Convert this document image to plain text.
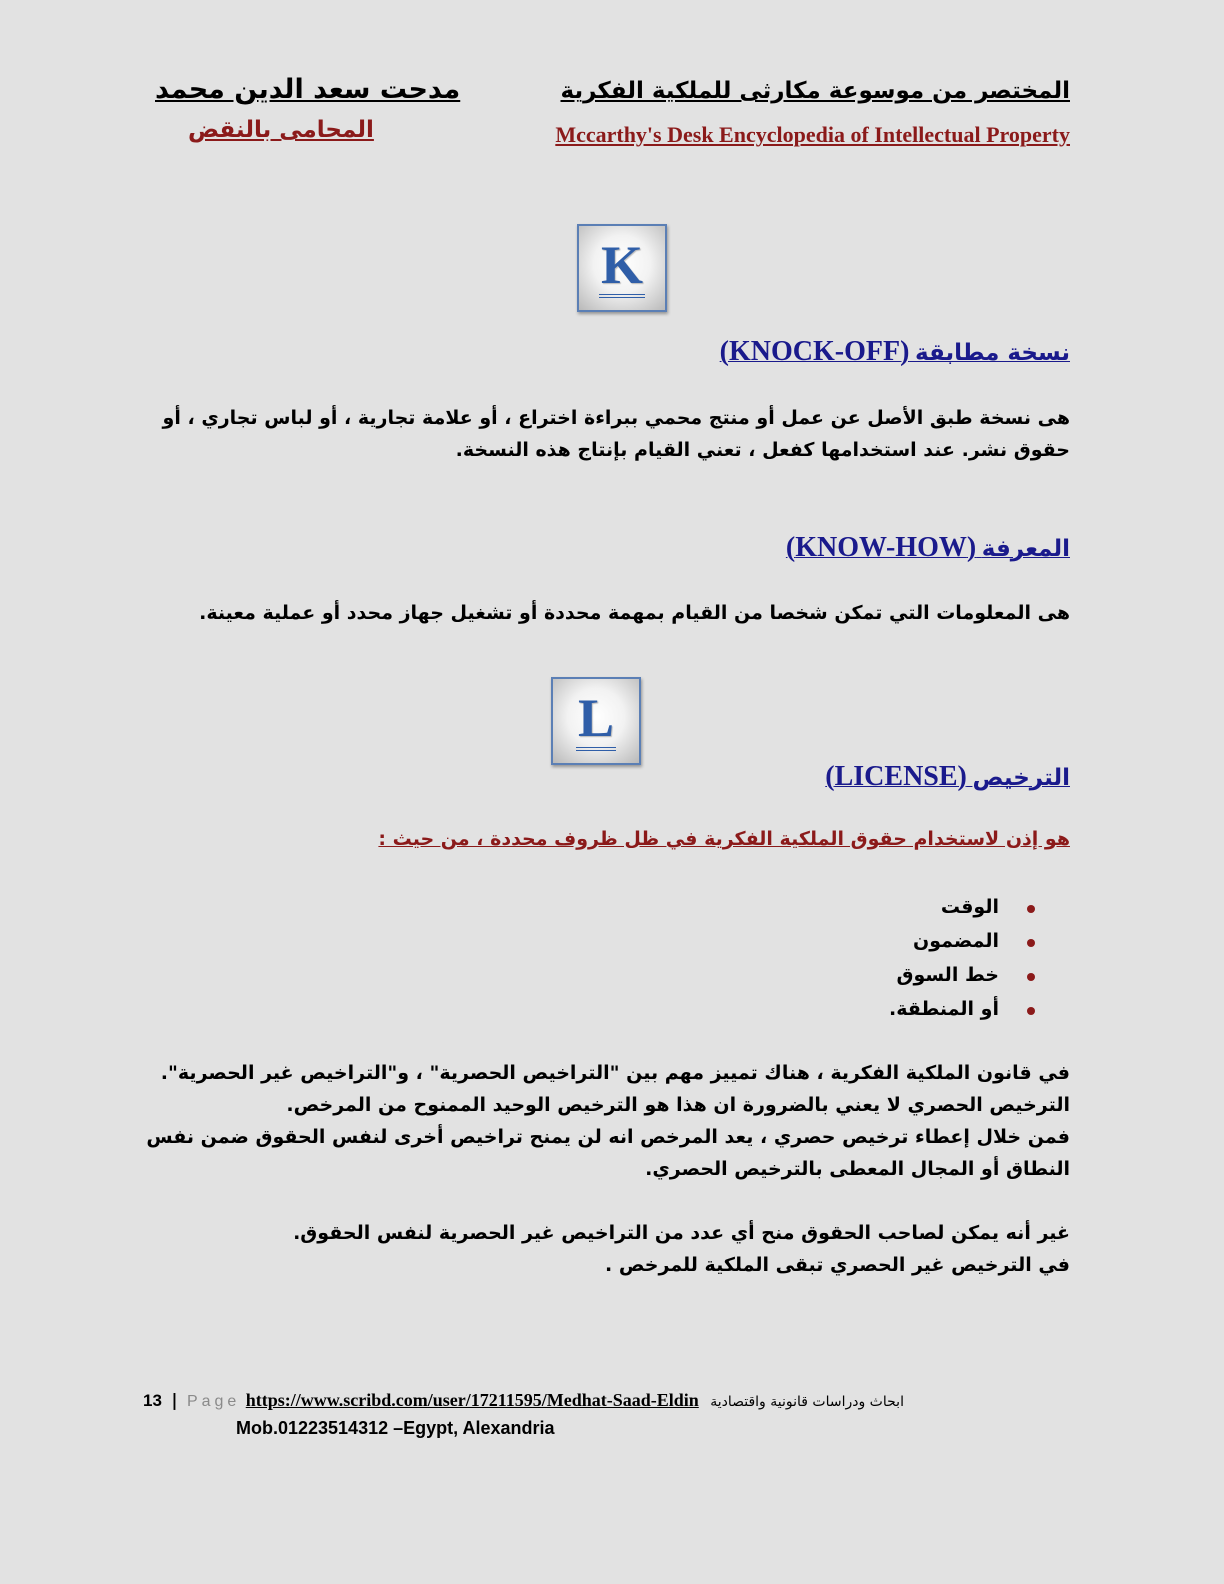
المختصر من موسوعة مكارثى للملكية الفكرية
Mccarthy's Desk Encyclopedia of Intellectual Property
مدحت سعد الدين محمد
المحامى بالنقض
K
نسخة مطابقة (KNOCK-OFF)
هى نسخة طبق الأصل عن عمل أو منتج محمي ببراءة اختراع ، أو علامة تجارية ، أو لباس تجاري ، أو
حقوق نشر. عند استخدامها كفعل ، تعني القيام بإنتاج هذه النسخة.
المعرفة (KNOW-HOW)
هى المعلومات التي تمكن شخصا من القيام بمهمة محددة أو تشغيل جهاز محدد أو عملية معينة.
L
الترخيص (LICENSE)
هو إذن لاستخدام حقوق الملكية الفكرية في ظل ظروف محددة ، من حيث :
الوقت
المضمون
خط السوق
أو المنطقة.
في قانون الملكية الفكرية ، هناك تمييز مهم بين "التراخيص الحصرية" ، و"التراخيص غير الحصرية".
الترخيص الحصري لا يعني بالضرورة ان هذا هو الترخيص الوحيد الممنوح من المرخص.
فمن خلال إعطاء ترخيص حصري ، يعد المرخص انه لن يمنح تراخيص أخرى لنفس الحقوق ضمن نفس
النطاق أو المجال المعطى بالترخيص الحصري.
غير أنه يمكن لصاحب الحقوق منح أي عدد من التراخيص غير الحصرية لنفس الحقوق.
في الترخيص غير الحصري تبقى الملكية للمرخص .
13 | Page https://www.scribd.com/user/17211595/Medhat-Saad-Eldin ابحاث ودراسات قانونية واقتصادية
Mob.01223514312 –Egypt, Alexandria
